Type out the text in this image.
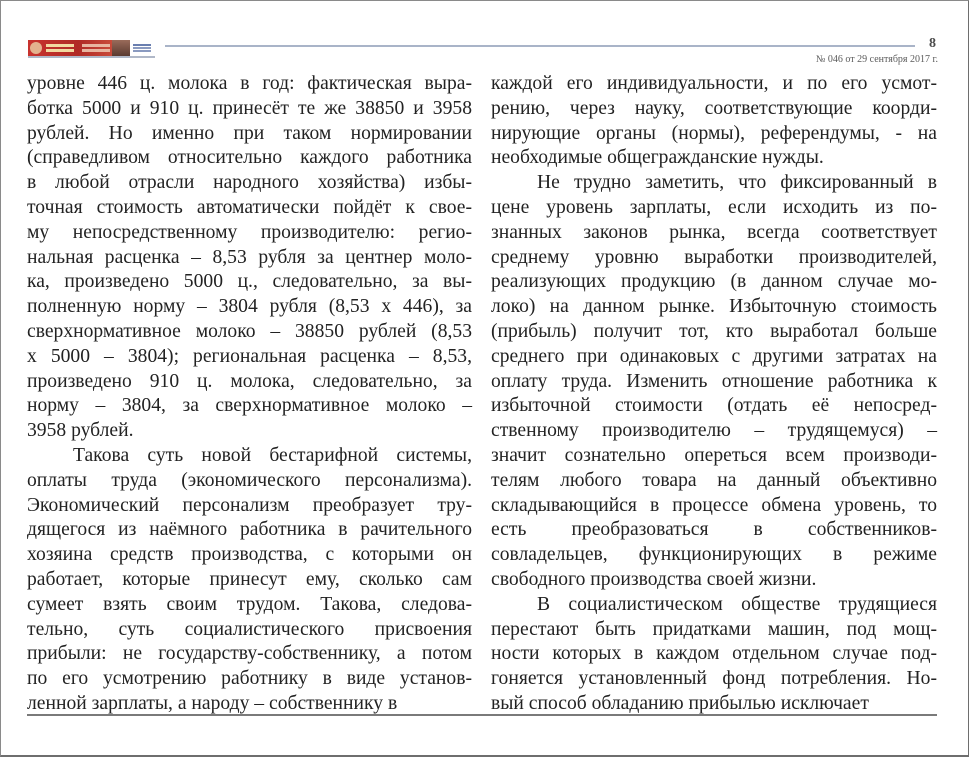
8
№ 046 от 29 сентября 2017 г.

уровне 446 ц. молока в год: фактическая выра-
ботка 5000 и 910 ц. принесёт те же 38850 и 3958
рублей. Но именно при таком нормировании
(справедливом относительно каждого работника
в любой отрасли народного хозяйства) избы-
точная стоимость автоматически пойдёт к свое-
му непосредственному производителю: регио-
нальная расценка – 8,53 рубля за центнер моло-
ка, произведено 5000 ц., следовательно, за вы-
полненную норму – 3804 рубля (8,53 х 446), за
сверхнормативное молоко – 38850 рублей (8,53
х 5000 – 3804); региональная расценка – 8,53,
произведено 910 ц. молока, следовательно, за
норму – 3804, за сверхнормативное молоко –
3958 рублей.

Такова суть новой бестарифной системы,
оплаты труда (экономического персонализма).
Экономический персонализм преобразует тру-
дящегося из наёмного работника в рачительного
хозяина средств производства, с которыми он
работает, которые принесут ему, сколько сам
сумеет взять своим трудом. Такова, следова-
тельно, суть социалистического присвоения
прибыли: не государству-собственнику, а потом
по его усмотрению работнику в виде установ-
ленной зарплаты, а народу – собственнику в

каждой его индивидуальности, и по его усмот-
рению, через науку, соответствующие коорди-
нирующие органы (нормы), референдумы, - на
необходимые общегражданские нужды.

Не трудно заметить, что фиксированный в
цене уровень зарплаты, если исходить из по-
знанных законов рынка, всегда соответствует
среднему уровню выработки производителей,
реализующих продукцию (в данном случае мо-
локо) на данном рынке. Избыточную стоимость
(прибыль) получит тот, кто выработал больше
среднего при одинаковых с другими затратах на
оплату труда. Изменить отношение работника к
избыточной стоимости (отдать её непосред-
ственному производителю – трудящемуся) –
значит сознательно опереться всем производи-
телям любого товара на данный объективно
складывающийся в процессе обмена уровень, то
есть преобразоваться в собственников-
совладельцев, функционирующих в режиме
свободного производства своей жизни.

В социалистическом обществе трудящиеся
перестают быть придатками машин, под мощ-
ности которых в каждом отдельном случае под-
гоняется установленный фонд потребления. Но-
вый способ обладанию прибылью исключает
